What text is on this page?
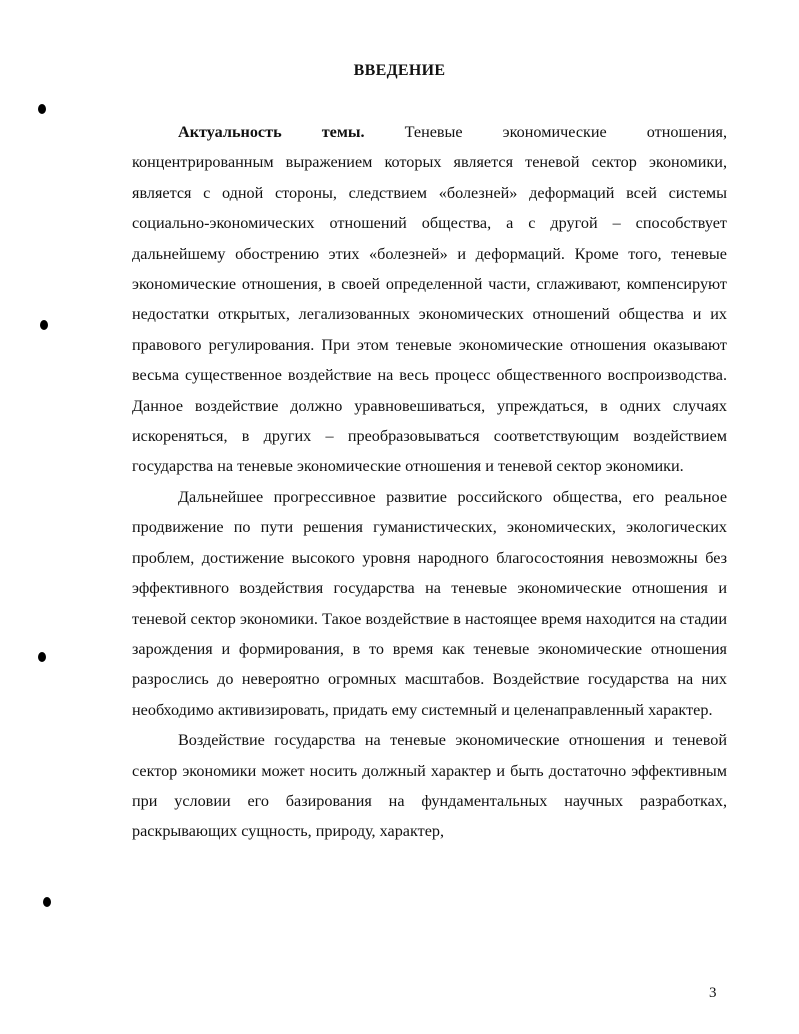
ВВЕДЕНИЕ

Актуальность темы. Теневые экономические отношения, концентрированным выражением которых является теневой сектор экономики, является с одной стороны, следствием «болезней» деформаций всей системы социально-экономических отношений общества, а с другой – способствует дальнейшему обострению этих «болезней» и деформаций. Кроме того, теневые экономические отношения, в своей определенной части, сглаживают, компенсируют недостатки открытых, легализованных экономических отношений общества и их правового регулирования. При этом теневые экономические отношения оказывают весьма существенное воздействие на весь процесс общественного воспроизводства. Данное воздействие должно уравновешиваться, упреждаться, в одних случаях искореняться, в других – преобразовываться соответствующим воздействием государства на теневые экономические отношения и теневой сектор экономики.

Дальнейшее прогрессивное развитие российского общества, его реальное продвижение по пути решения гуманистических, экономических, экологических проблем, достижение высокого уровня народного благосостояния невозможны без эффективного воздействия государства на теневые экономические отношения и теневой сектор экономики. Такое воздействие в настоящее время находится на стадии зарождения и формирования, в то время как теневые экономические отношения разрослись до невероятно огромных масштабов. Воздействие государства на них необходимо активизировать, придать ему системный и целенаправленный характер.

Воздействие государства на теневые экономические отношения и теневой сектор экономики может носить должный характер и быть достаточно эффективным при условии его базирования на фундаментальных научных разработках, раскрывающих сущность, природу, характер,

3
